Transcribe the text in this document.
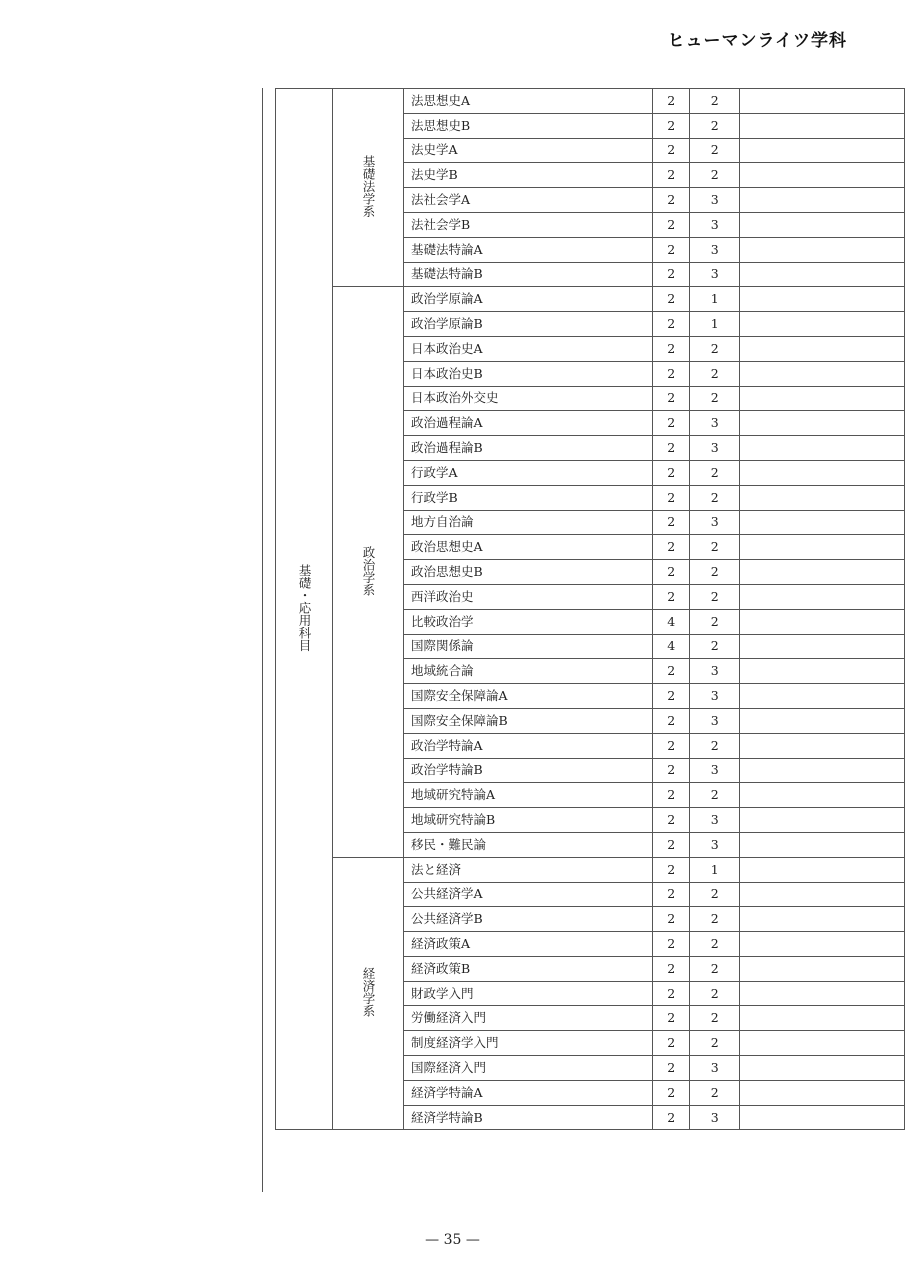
ヒューマンライツ学科
基礎・応用科目	基礎法学系	法思想史A	2	2	
		法思想史B	2	2	
		法史学A	2	2	
		法史学B	2	2	
		法社会学A	2	3	
		法社会学B	2	3	
		基礎法特論A	2	3	
		基礎法特論B	2	3	
	政治学系	政治学原論A	2	1	
		政治学原論B	2	1	
		日本政治史A	2	2	
		日本政治史B	2	2	
		日本政治外交史	2	2	
		政治過程論A	2	3	
		政治過程論B	2	3	
		行政学A	2	2	
		行政学B	2	2	
		地方自治論	2	3	
		政治思想史A	2	2	
		政治思想史B	2	2	
		西洋政治史	2	2	
		比較政治学	4	2	
		国際関係論	4	2	
		地域統合論	2	3	
		国際安全保障論A	2	3	
		国際安全保障論B	2	3	
		政治学特論A	2	2	
		政治学特論B	2	3	
		地域研究特論A	2	2	
		地域研究特論B	2	3	
		移民・難民論	2	3	
	経済学系	法と経済	2	1	
		公共経済学A	2	2	
		公共経済学B	2	2	
		経済政策A	2	2	
		経済政策B	2	2	
		財政学入門	2	2	
		労働経済入門	2	2	
		制度経済学入門	2	2	
		国際経済入門	2	3	
		経済学特論A	2	2	
		経済学特論B	2	3	
— 35 —
